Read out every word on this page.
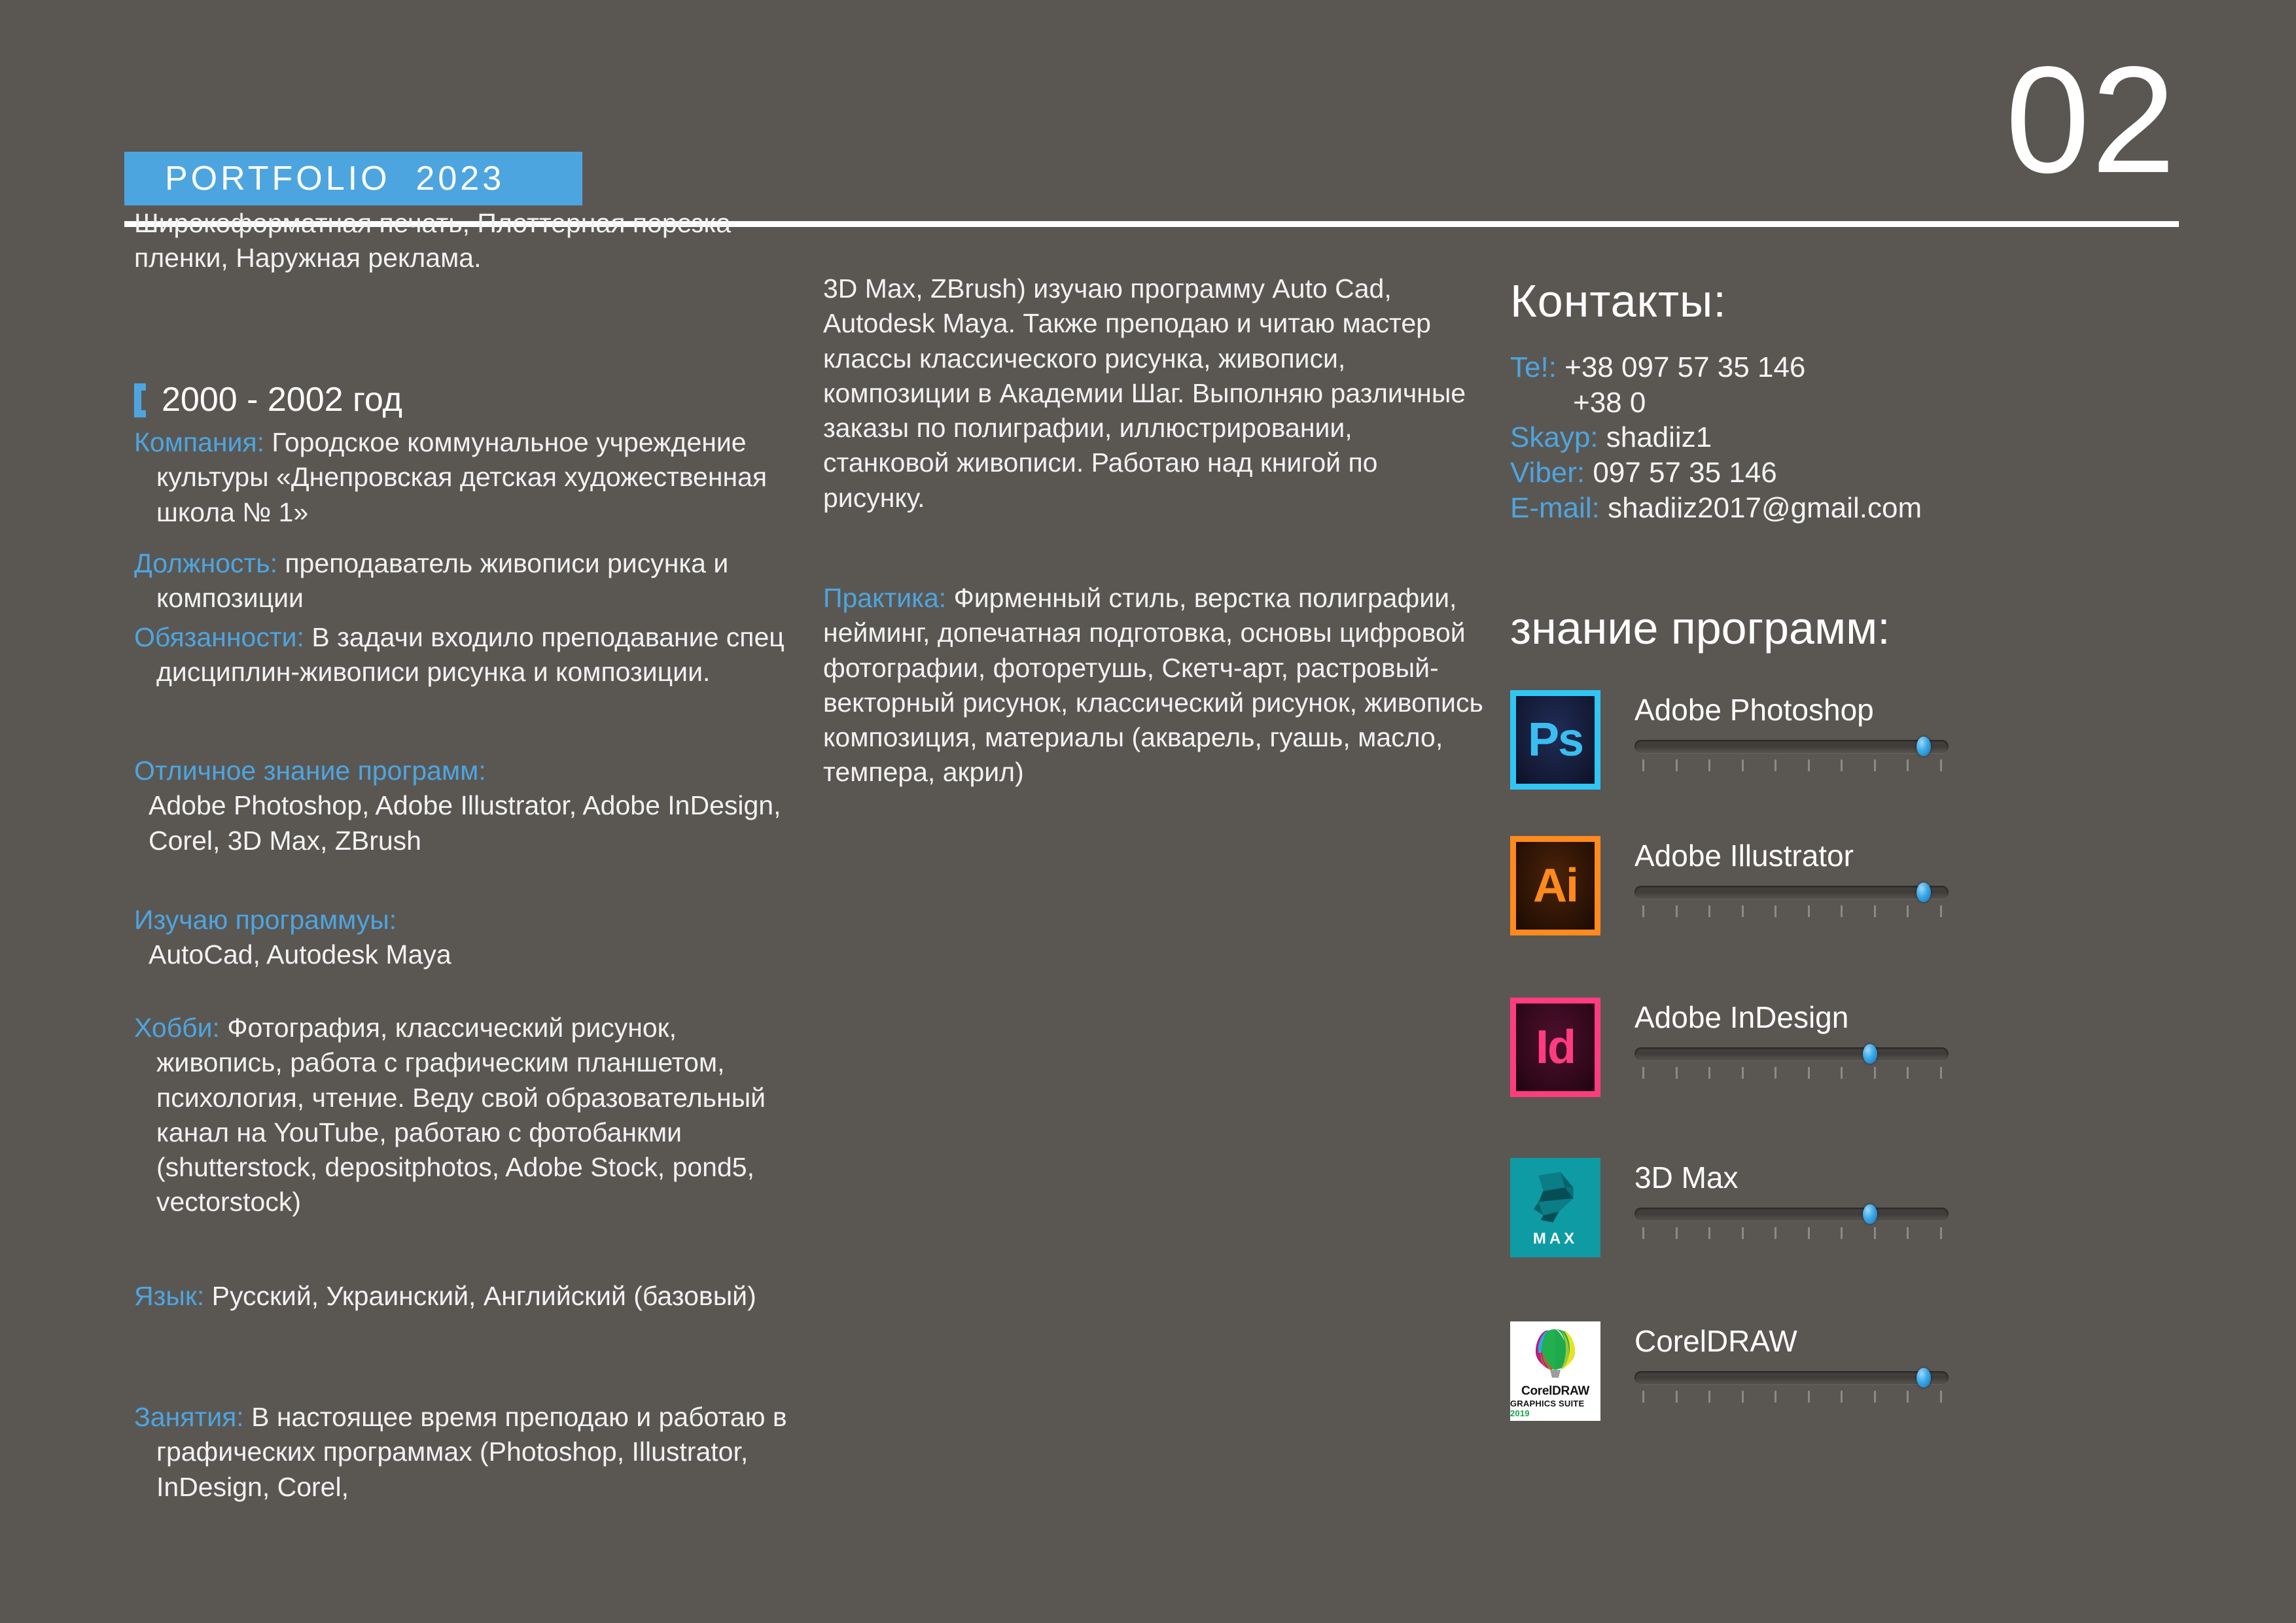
PORTFOLIO  2023	02

Широкоформатная печать, Плоттерная порезка пленки, Наружная реклама.

2000 - 2002 год

Компания: Городское коммунальное учреждение культуры «Днепровская детская художественная школа № 1»

Должность: преподаватель живописи рисунка и композиции

Обязанности: В задачи входило преподавание спец дисциплин-живописи рисунка и композиции.

Отличное знание программ:

Adobe Photoshop, Adobe Illustrator, Adobe InDesign, Corel, 3D Max, ZBrush

Изучаю программуы:

AutoCad, Autodesk Maya

Хобби: Фотография, классический рисунок, живопись, работа с графическим планшетом, психология, чтение. Веду свой образовательный канал на YouTube, работаю с фотобанкми (shutterstock, depositphotos, Adobe Stock, pond5, vectorstock)

Язык: Русский, Украинский, Английский (базовый)

Занятия: В настоящее время преподаю и работаю в графических программах (Photoshop, Illustrator, InDesign, Corel,

3D Max, ZBrush) изучаю программу Auto Cad, Autodesk Maya. Также преподаю и читаю мастер классы классического рисунка, живописи, композиции в Академии Шаг. Выполняю различные заказы по полиграфии, иллюстрировании, станковой живописи. Работаю над книгой по рисунку.

Практика: Фирменный стиль, верстка полиграфии, нейминг, допечатная подготовка, основы цифровой фотографии, фоторетушь, Скетч-арт, растровый-векторный рисунок, классический рисунок, живопись композиция, материалы (акварель, гуашь, масло, темпера, акрил)

Контакты:
Te!: +38 097 57 35 146
+38 0
Skayp: shadiiz1
Viber: 097 57 35 146
E-mail: shadiiz2017@gmail.com
знание программ:
Ps
Adobe Photoshop
Ai
Adobe Illustrator
Id
Adobe InDesign
MAX
3D Max
CorelDRAW
GRAPHICS SUITE 2019
CorelDRAW
